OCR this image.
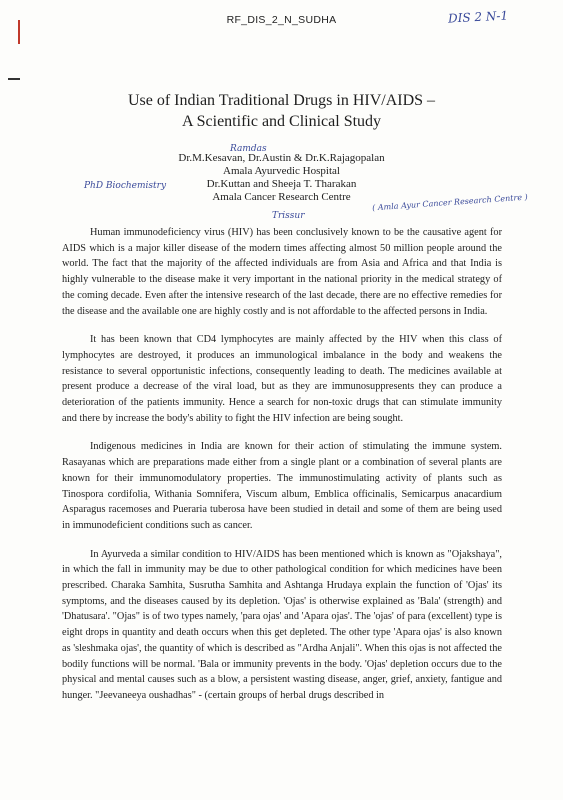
RF_DIS_2_N_SUDHA	DIS 2 N-1
Use of Indian Traditional Drugs in HIV/AIDS –
A Scientific and Clinical Study
Dr.M.Kesavan, Dr.Austin & Dr.K.Rajagopalan
Amala Ayurvedic Hospital
Dr.Kuttan and Sheeja T. Tharakan
Amala Cancer Research Centre
Ramdas
PhD Biochemistry
( Amla Ayur Cancer Research Centre )
Trissur

Human immunodeficiency virus (HIV) has been conclusively known to be the causative agent for AIDS which is a major killer disease of the modern times affecting almost 50 million people around the world. The fact that the majority of the affected individuals are from Asia and Africa and that India is highly vulnerable to the disease make it very important in the national priority in the medical strategy of the coming decade. Even after the intensive research of the last decade, there are no effective remedies for the disease and the available one are highly costly and is not affordable to the affected persons in India.

It has been known that CD4 lymphocytes are mainly affected by the HIV when this class of lymphocytes are destroyed, it produces an immunological imbalance in the body and weakens the resistance to several opportunistic infections, consequently leading to death. The medicines available at present produce a decrease of the viral load, but as they are immunosuppresents they can produce a deterioration of the patients immunity. Hence a search for non-toxic drugs that can stimulate immunity and there by increase the body's ability to fight the HIV infection are being sought.

Indigenous medicines in India are known for their action of stimulating the immune system. Rasayanas which are preparations made either from a single plant or a combination of several plants are known for their immunomodulatory properties. The immunostimulating activity of plants such as Tinospora cordifolia, Withania Somnifera, Viscum album, Emblica officinalis, Semicarpus anacardium Asparagus racemoses and Pueraria tuberosa have been studied in detail and some of them are being used in immunodeficient conditions such as cancer.

In Ayurveda a similar condition to HIV/AIDS has been mentioned which is known as "Ojakshaya", in which the fall in immunity may be due to other pathological condition for which medicines have been prescribed. Charaka Samhita, Susrutha Samhita and Ashtanga Hrudaya explain the function of 'Ojas' its symptoms, and the diseases caused by its depletion. 'Ojas' is otherwise explained as 'Bala' (strength) and 'Dhatusara'. "Ojas" is of two types namely, 'para ojas' and 'Apara ojas'. The 'ojas' of para (excellent) type is eight drops in quantity and death occurs when this get depleted. The other type 'Apara ojas' is also known as 'sleshmaka ojas', the quantity of which is described as "Ardha Anjali". When this ojas is not affected the bodily functions will be normal. 'Bala or immunity prevents in the body. 'Ojas' depletion occurs due to the physical and mental causes such as a blow, a persistent wasting disease, anger, grief, anxiety, fantigue and hunger. "Jeevaneeya oushadhas" - (certain groups of herbal drugs described in
